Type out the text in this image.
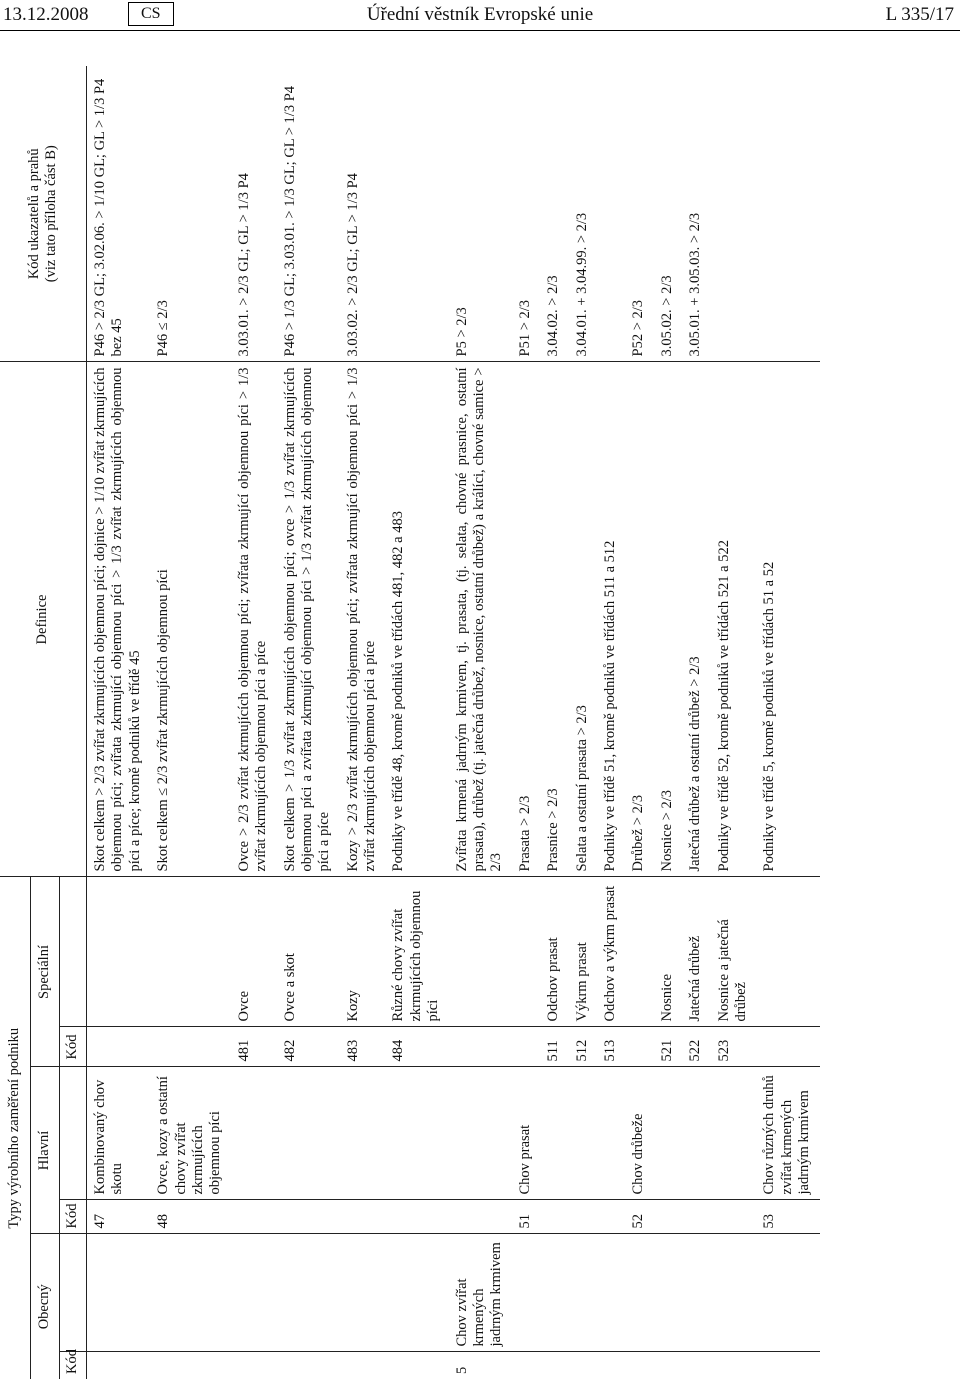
13.12.2008	CS	Úřední věstník Evropské unie	L 335/17
Typy výrobního zaměření podniku						Definice	Kód ukazatelů a prahů
(viz tato příloha část B)
Obecný		Hlavní		Speciální			
Kód		Kód		Kód			
		47	Kombinovaný chov skotu			Skot celkem > 2/3 zvířat zkrmujících objemnou píci; dojnice > 1/10 zvířat zkrmujících objemnou píci; zvířata zkrmující objemnou píci > 1/3 zvířat zkrmujících objemnou píci a píce; kromě podniků ve třídě 45	P46 > 2/3 GL; 3.02.06. > 1/10 GL; GL > 1/3 P4 bez 45
		48	Ovce, kozy a ostatní chovy zvířat zkrmujících objemnou píci			Skot celkem ≤ 2/3 zvířat zkrmujících objemnou píci	P46 ≤ 2/3
				481	Ovce	Ovce > 2/3 zvířat zkrmujících objemnou píci; zvířata zkrmující objemnou píci > 1/3 zvířat zkrmujících objemnou píci a píce	3.03.01. > 2/3 GL; GL > 1/3 P4
				482	Ovce a skot	Skot celkem > 1/3 zvířat zkrmujících objemnou píci; ovce > 1/3 zvířat zkrmujících objemnou píci a zvířata zkrmující objemnou píci > 1/3 zvířat zkrmujících objemnou píci a píce	P46 > 1/3 GL; 3.03.01. > 1/3 GL; GL > 1/3 P4
				483	Kozy	Kozy > 2/3 zvířat zkrmujících objemnou píci; zvířata zkrmující objemnou píci > 1/3 zvířat zkrmujících objemnou píci a píce	3.03.02. > 2/3 GL; GL > 1/3 P4
				484	Různé chovy zvířat zkrmujících objemnou píci	Podniky ve třídě 48, kromě podniků ve třídách 481, 482 a 483	
5	Chov zvířat krmených jadrným krmivem					Zvířata krmená jadrným krmivem, tj. prasata, (tj. selata, chovné prasnice, ostatní prasata), drůbež (tj. jatečná drůbež, nosnice, ostatní drůbež) a králíci, chovné samice > 2/3	P5 > 2/3
		51	Chov prasat			Prasata > 2/3	P51 > 2/3
				511	Odchov prasat	Prasnice > 2/3	3.04.02. > 2/3
				512	Výkrm prasat	Selata a ostatní prasata > 2/3	3.04.01. + 3.04.99. > 2/3
				513	Odchov a výkrm prasat	Podniky ve třídě 51, kromě podniků ve třídách 511 a 512	
		52	Chov drůbeže			Drůbež > 2/3	P52 > 2/3
				521	Nosnice	Nosnice > 2/3	3.05.02. > 2/3
				522	Jatečná drůbež	Jatečná drůbež a ostatní drůbež > 2/3	3.05.01. + 3.05.03. > 2/3
				523	Nosnice a jatečná drůbež	Podniky ve třídě 52, kromě podniků ve třídách 521 a 522	
		53	Chov různých druhů zvířat krmených jadrným krmivem			Podniky ve třídě 5, kromě podniků ve třídách 51 a 52	
